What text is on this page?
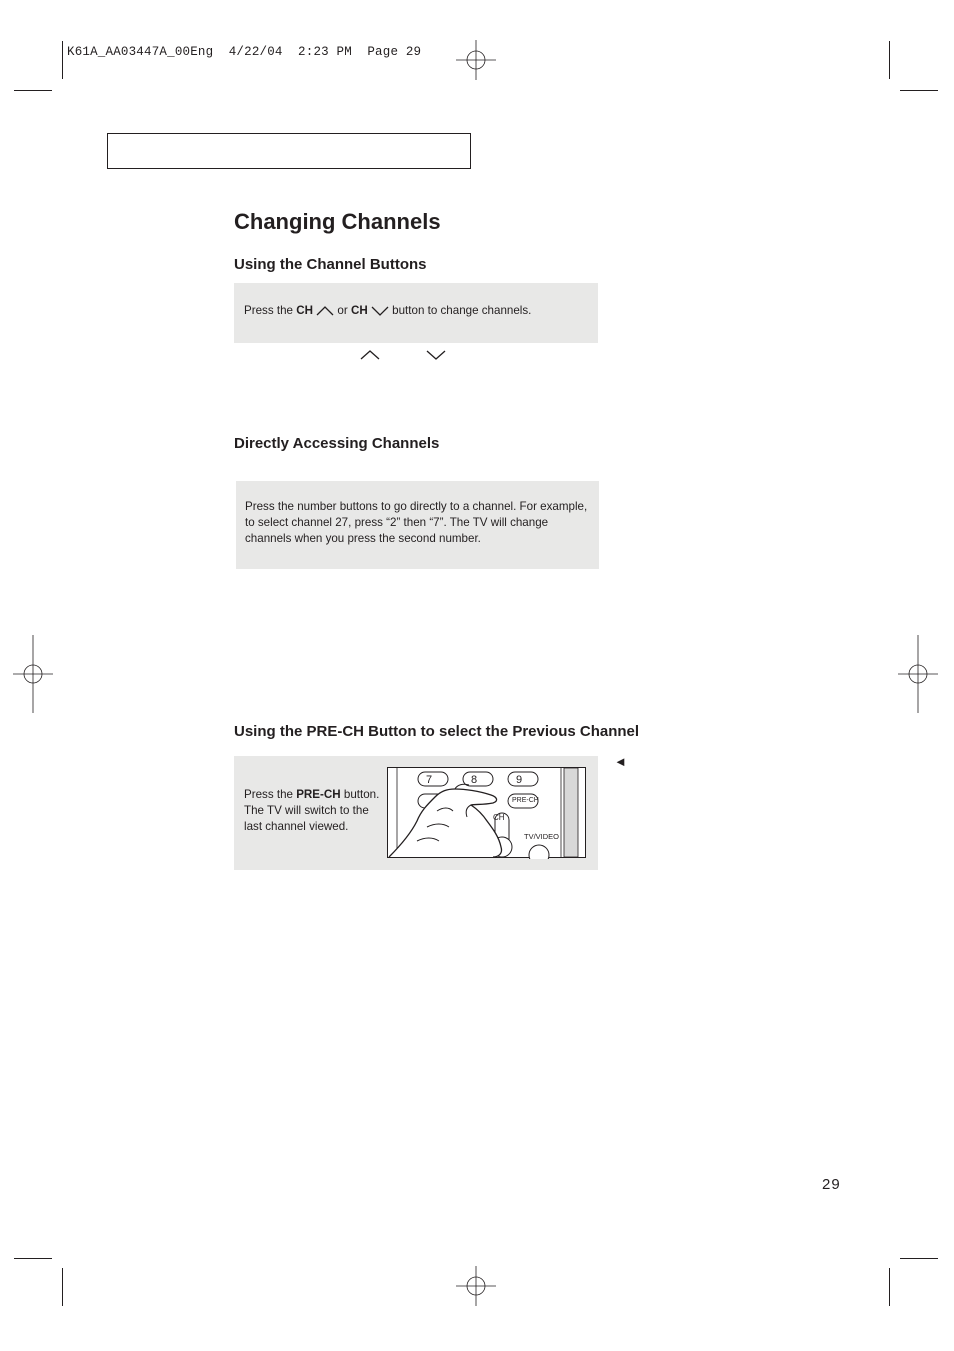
K61A_AA03447A_00Eng  4/22/04  2:23 PM  Page 29
Changing Channels
Using the Channel Buttons
Press the CH  or CH  button to change channels.
Directly Accessing Channels
Press the number buttons to go directly to a channel. For example, to select channel 27, press “2” then “7”. The TV will change channels when you press the second number.
Using the PRE-CH Button to select the Previous Channel
◄
Press the PRE-CH button.
The TV will switch to the
last channel viewed.
7	8	9
PRE-CH
CH
TV/VIDEO
29
